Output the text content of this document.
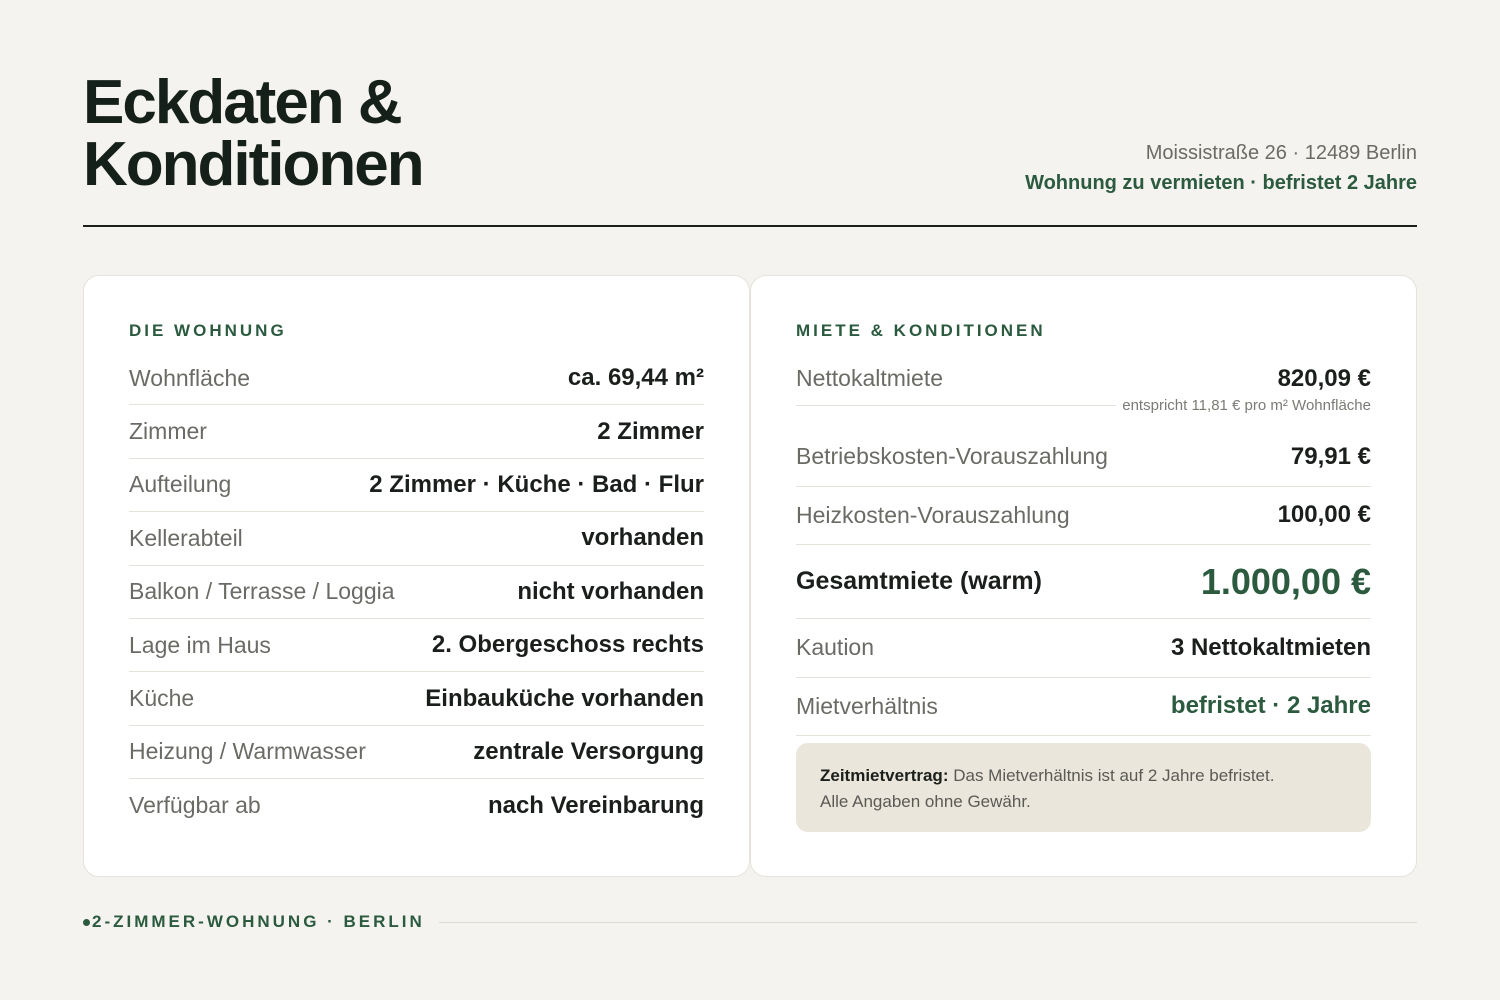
Eckdaten &
Konditionen	Moissistraße 26 · 12489 Berlin
Wohnung zu vermieten · befristet 2 Jahre
DIE WOHNUNG
Wohnfläche	ca. 69,44 m²
Zimmer	2 Zimmer
Aufteilung	2 Zimmer · Küche · Bad · Flur
Kellerabteil	vorhanden
Balkon / Terrasse / Loggia	nicht vorhanden
Lage im Haus	2. Obergeschoss rechts
Küche	Einbauküche vorhanden
Heizung / Warmwasser	zentrale Versorgung
Verfügbar ab	nach Vereinbarung
MIETE & KONDITIONEN
Nettokaltmiete	820,09 €
entspricht 11,81 € pro m² Wohnfläche
Betriebskosten-Vorauszahlung	79,91 €
Heizkosten-Vorauszahlung	100,00 €
Gesamtmiete (warm)	1.000,00 €
Kaution	3 Nettokaltmieten
Mietverhältnis	befristet · 2 Jahre
Zeitmietvertrag: Das Mietverhältnis ist auf 2 Jahre befristet.
Alle Angaben ohne Gewähr.
2-ZIMMER-WOHNUNG · BERLIN
